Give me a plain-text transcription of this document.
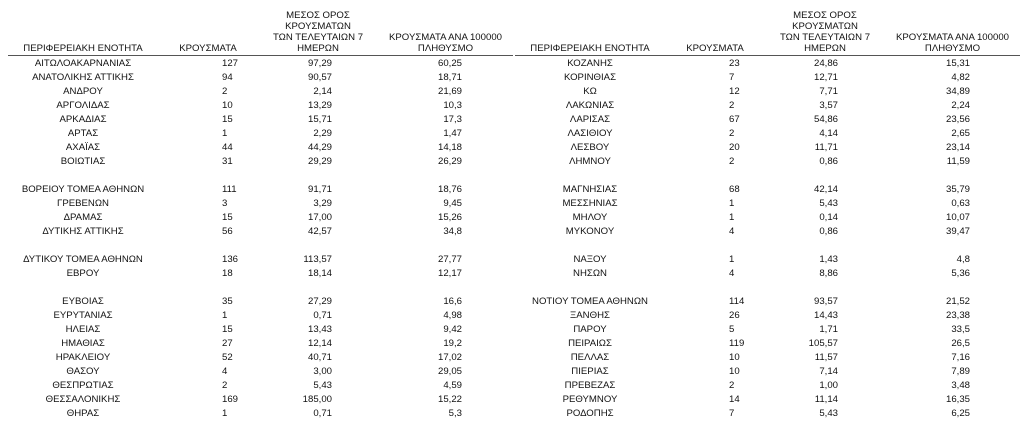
ΠΕΡΙΦΕΡΕΙΑΚΗ ΕΝΟΤΗΤΑ	ΚΡΟΥΣΜΑΤΑ	ΜΕΣΟΣ ΟΡΟΣ ΚΡΟΥΣΜΑΤΩΝ
ΤΩΝ ΤΕΛΕΥΤΑΙΩΝ 7
ΗΜΕΡΩΝ	ΚΡΟΥΣΜΑΤΑ ΑΝΑ 100000
ΠΛΗΘΥΣΜΟ
ΑΙΤΩΛΟΑΚΑΡΝΑΝΙΑΣ	127	97,29	60,25
ΑΝΑΤΟΛΙΚΗΣ ΑΤΤΙΚΗΣ	94	90,57	18,71
ΑΝΔΡΟΥ	2	2,14	21,69
ΑΡΓΟΛΙΔΑΣ	10	13,29	10,3
ΑΡΚΑΔΙΑΣ	15	15,71	17,3
ΑΡΤΑΣ	1	2,29	1,47
ΑΧΑΪΑΣ	44	44,29	14,18
ΒΟΙΩΤΙΑΣ	31	29,29	26,29

ΒΟΡΕΙΟΥ ΤΟΜΕΑ ΑΘΗΝΩΝ	111	91,71	18,76
ΓΡΕΒΕΝΩΝ	3	3,29	9,45
ΔΡΑΜΑΣ	15	17,00	15,26
ΔΥΤΙΚΗΣ ΑΤΤΙΚΗΣ	56	42,57	34,8

ΔΥΤΙΚΟΥ ΤΟΜΕΑ ΑΘΗΝΩΝ	136	113,57	27,77
ΕΒΡΟΥ	18	18,14	12,17

ΕΥΒΟΙΑΣ	35	27,29	16,6
ΕΥΡΥΤΑΝΙΑΣ	1	0,71	4,98
ΗΛΕΙΑΣ	15	13,43	9,42
ΗΜΑΘΙΑΣ	27	12,14	19,2
ΗΡΑΚΛΕΙΟΥ	52	40,71	17,02
ΘΑΣΟΥ	4	3,00	29,05
ΘΕΣΠΡΩΤΙΑΣ	2	5,43	4,59
ΘΕΣΣΑΛΟΝΙΚΗΣ	169	185,00	15,22
ΘΗΡΑΣ	1	0,71	5,3
ΠΕΡΙΦΕΡΕΙΑΚΗ ΕΝΟΤΗΤΑ	ΚΡΟΥΣΜΑΤΑ	ΜΕΣΟΣ ΟΡΟΣ ΚΡΟΥΣΜΑΤΩΝ
ΤΩΝ ΤΕΛΕΥΤΑΙΩΝ 7
ΗΜΕΡΩΝ	ΚΡΟΥΣΜΑΤΑ ΑΝΑ 100000
ΠΛΗΘΥΣΜΟ
ΚΟΖΑΝΗΣ	23	24,86	15,31
ΚΟΡΙΝΘΙΑΣ	7	12,71	4,82
ΚΩ	12	7,71	34,89
ΛΑΚΩΝΙΑΣ	2	3,57	2,24
ΛΑΡΙΣΑΣ	67	54,86	23,56
ΛΑΣΙΘΙΟΥ	2	4,14	2,65
ΛΕΣΒΟΥ	20	11,71	23,14
ΛΗΜΝΟΥ	2	0,86	11,59

ΜΑΓΝΗΣΙΑΣ	68	42,14	35,79
ΜΕΣΣΗΝΙΑΣ	1	5,43	0,63
ΜΗΛΟΥ	1	0,14	10,07
ΜΥΚΟΝΟΥ	4	0,86	39,47

ΝΑΞΟΥ	1	1,43	4,8
ΝΗΣΩΝ	4	8,86	5,36

ΝΟΤΙΟΥ ΤΟΜΕΑ ΑΘΗΝΩΝ	114	93,57	21,52
ΞΑΝΘΗΣ	26	14,43	23,38
ΠΑΡΟΥ	5	1,71	33,5
ΠΕΙΡΑΙΩΣ	119	105,57	26,5
ΠΕΛΛΑΣ	10	11,57	7,16
ΠΙΕΡΙΑΣ	10	7,14	7,89
ΠΡΕΒΕΖΑΣ	2	1,00	3,48
ΡΕΘΥΜΝΟΥ	14	11,14	16,35
ΡΟΔΟΠΗΣ	7	5,43	6,25
